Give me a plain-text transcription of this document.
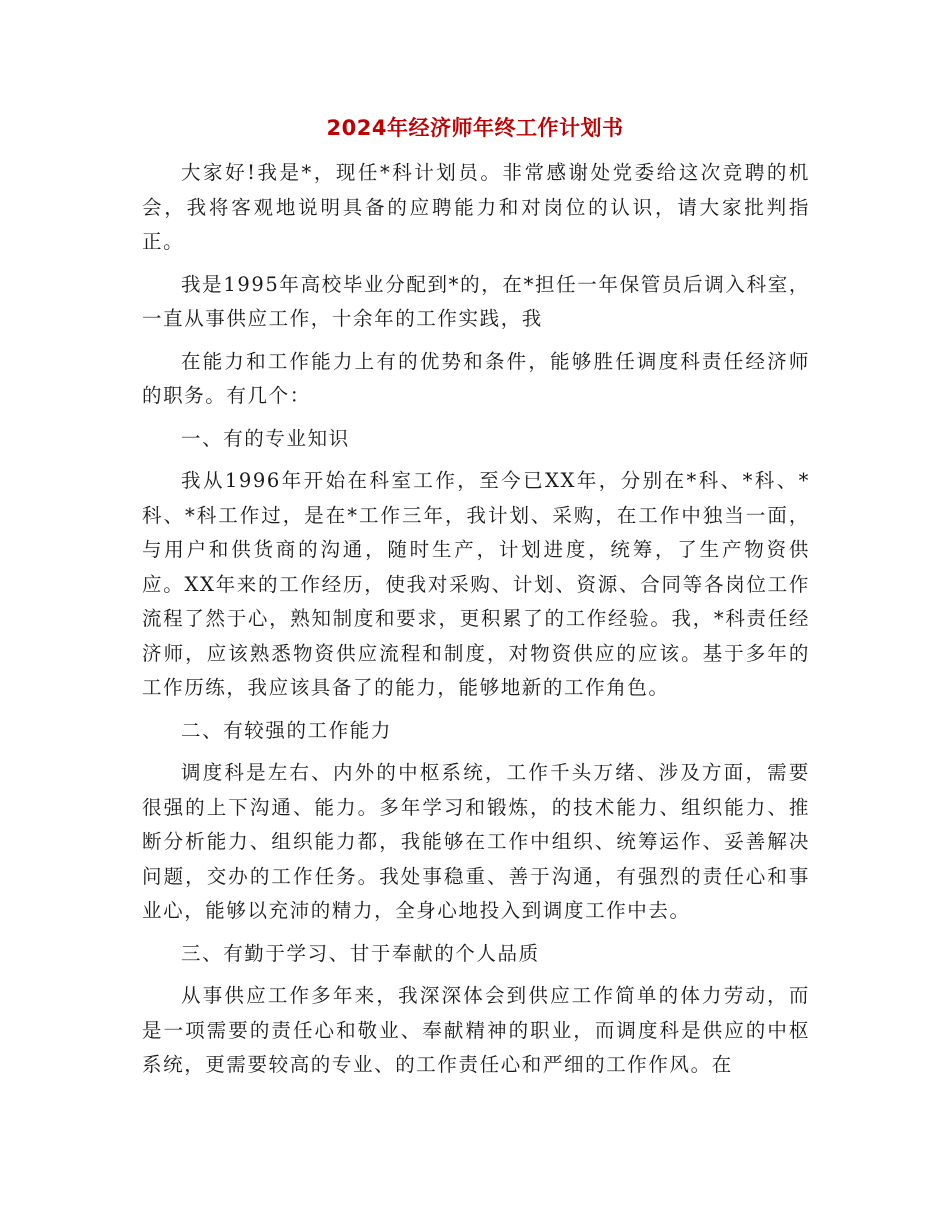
2024年经济师年终工作计划书

大家好!我是*，现任*科计划员。非常感谢处党委给这次竞聘的机会，我将客观地说明具备的应聘能力和对岗位的认识，请大家批判指正。

我是1995年高校毕业分配到*的，在*担任一年保管员后调入科室，一直从事供应工作，十余年的工作实践，我

在能力和工作能力上有的优势和条件，能够胜任调度科责任经济师的职务。有几个：

一、有的专业知识

我从1996年开始在科室工作，至今已XX年，分别在*科、*科、*科、*科工作过，是在*工作三年，我计划、采购，在工作中独当一面，与用户和供货商的沟通，随时生产，计划进度，统筹，了生产物资供应。XX年来的工作经历，使我对采购、计划、资源、合同等各岗位工作流程了然于心，熟知制度和要求，更积累了的工作经验。我，*科责任经济师，应该熟悉物资供应流程和制度，对物资供应的应该。基于多年的工作历练，我应该具备了的能力，能够地新的工作角色。

二、有较强的工作能力

调度科是左右、内外的中枢系统，工作千头万绪、涉及方面，需要很强的上下沟通、能力。多年学习和锻炼，的技术能力、组织能力、推断分析能力、组织能力都，我能够在工作中组织、统筹运作、妥善解决问题，交办的工作任务。我处事稳重、善于沟通，有强烈的责任心和事业心，能够以充沛的精力，全身心地投入到调度工作中去。

三、有勤于学习、甘于奉献的个人品质

从事供应工作多年来，我深深体会到供应工作简单的体力劳动，而是一项需要的责任心和敬业、奉献精神的职业，而调度科是供应的中枢系统，更需要较高的专业、的工作责任心和严细的工作作风。在
